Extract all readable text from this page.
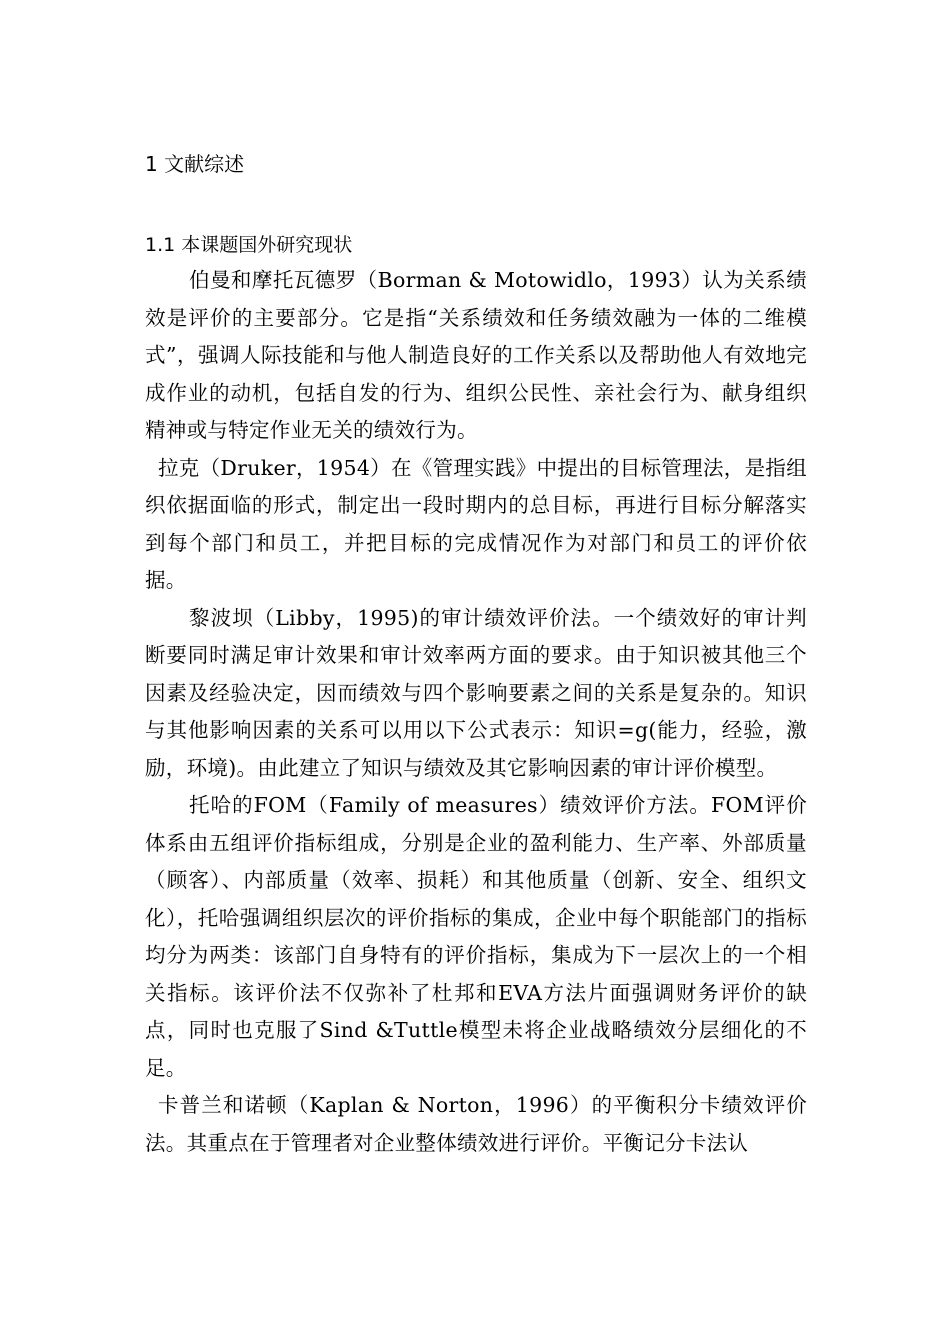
1 文献综述
1.1 本课题国外研究现状

伯曼和摩托瓦德罗（Borman & Motowidlo，1993）认为关系绩效是评价的主要部分。它是指“关系绩效和任务绩效融为一体的二维模式”，强调人际技能和与他人制造良好的工作关系以及帮助他人有效地完成作业的动机，包括自发的行为、组织公民性、亲社会行为、献身组织精神或与特定作业无关的绩效行为。

拉克（Druker，1954）在《管理实践》中提出的目标管理法，是指组织依据面临的形式，制定出一段时期内的总目标，再进行目标分解落实到每个部门和员工，并把目标的完成情况作为对部门和员工的评价依据。

黎波坝（Libby，1995)的审计绩效评价法。一个绩效好的审计判断要同时满足审计效果和审计效率两方面的要求。由于知识被其他三个因素及经验决定，因而绩效与四个影响要素之间的关系是复杂的。知识与其他影响因素的关系可以用以下公式表示：知识=g(能力，经验，激励，环境)。由此建立了知识与绩效及其它影响因素的审计评价模型。

托哈的FOM（Family of measures）绩效评价方法。FOM评价体系由五组评价指标组成，分别是企业的盈利能力、生产率、外部质量（顾客）、内部质量（效率、损耗）和其他质量（创新、安全、组织文化），托哈强调组织层次的评价指标的集成，企业中每个职能部门的指标均分为两类：该部门自身特有的评价指标，集成为下一层次上的一个相关指标。该评价法不仅弥补了杜邦和EVA方法片面强调财务评价的缺点，同时也克服了Sind &Tuttle模型未将企业战略绩效分层细化的不足。

卡普兰和诺顿（Kaplan & Norton，1996）的平衡积分卡绩效评价法。其重点在于管理者对企业整体绩效进行评价。平衡记分卡法认
